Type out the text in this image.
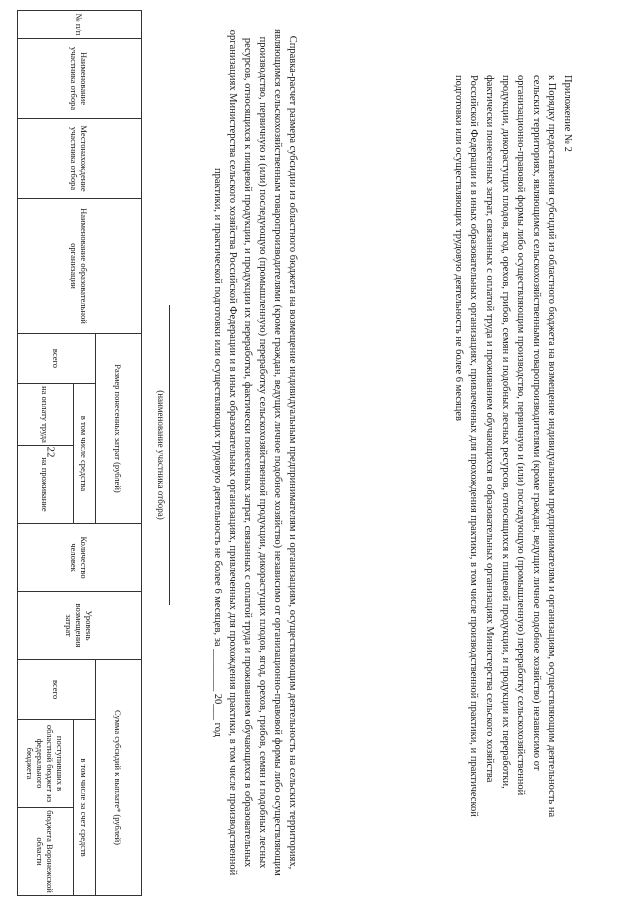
22

Приложение № 2

к Порядку предоставления субсидий из областного бюджета на возмещение индивидуальным предпринимателям и организациям, осуществляющим деятельность на сельских территориях, являющимся сельскохозяйственными товаропроизводителями (кроме граждан, ведущих личное подобное хозяйство) независимо от организационно-правовой формы либо осуществляющим производство, первичную и (или) последующую (промышленную) переработку сельскохозяйственной продукции, дикорастущих плодов, ягод, орехов, грибов, семян и подобных лесных ресурсов, относящихся к пищевой продукции, и продукции их переработки, фактически понесенных затрат, связанных с оплатой труда и проживанием обучающихся в образовательных организациях Министерства сельского хозяйства Российской Федерации и в иных образовательных организациях, привлеченных для прохождения практики, в том числе производственной практики, и практической подготовки или осуществляющих трудовую деятельность не более 6 месяцев

Справка-расчет размера субсидии из областного бюджета на возмещение индивидуальным предпринимателям и организациям, осуществляющим деятельность на сельских территориях, являющимся сельскохозяйственным товаропроизводителями (кроме граждан, ведущих личное подобное хозяйство) независимо от организационно-правовой формы либо осуществляющим производство, первичную и (или) последующую (промышленную) переработку сельскохозяйственной продукции, дикорастущих плодов, ягод, орехов, грибов, семян и подобных лесных ресурсов, относящихся к пищевой продукции, и продукции их переработки, фактически понесенных затрат, связанных с оплатой труда и проживанием обучающихся в образовательных организациях Министерства сельского хозяйства Российской Федерации и в иных образовательных организациях, привлеченных для прохождения практики, в том числе производственной практики, и практической подготовки или осуществляющих трудовую деятельность не более 6 месяцев, за ________ 20___ год
(наименование участника отбора)
№ п/п	Наименование участника отбора	Местонахождение участника отбора	Наименование образовательной организации	Размер понесенных затрат (рублей)			Количество человек	Уровень возмещения затрат	Сумма субсидий к выплате* (рублей)		
				всего	в том числе средства				всего	в том числе за счет средств	
					на оплату труда	на проживание				поступивших в областной бюджет из федерального бюджета	бюджета Воронежской области
